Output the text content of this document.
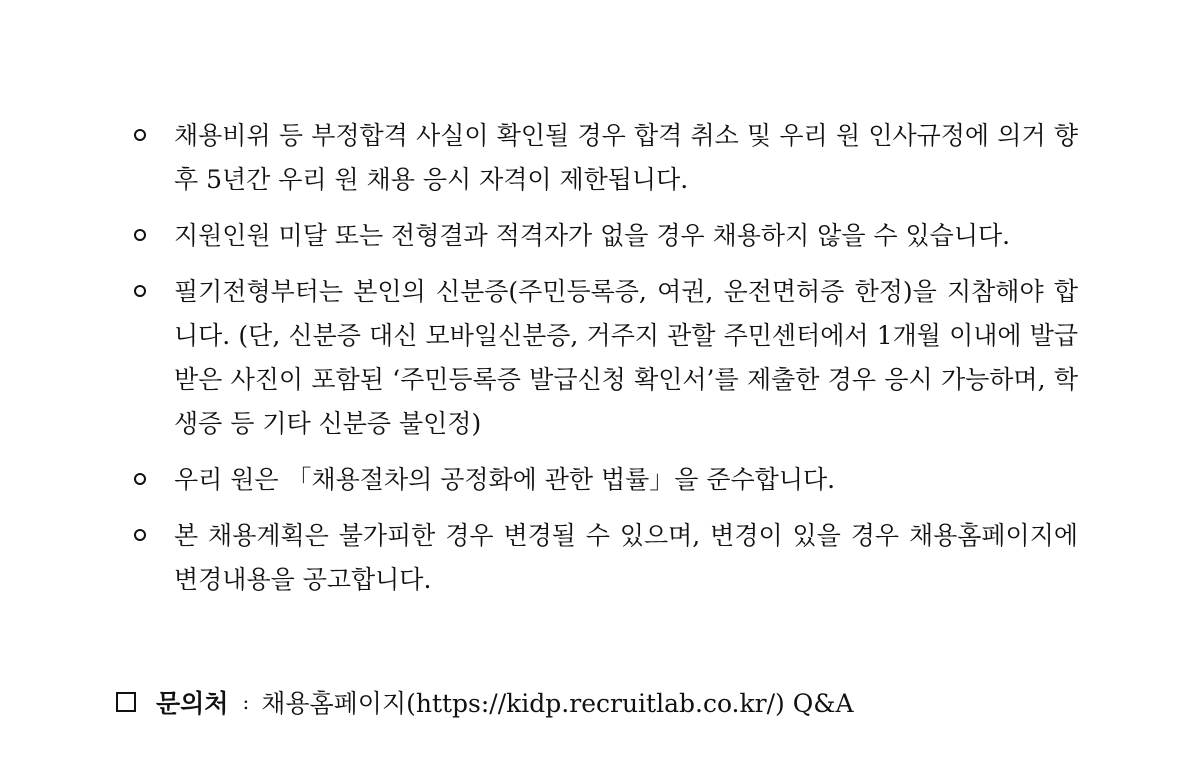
채용비위 등 부정합격 사실이 확인될 경우 합격 취소 및 우리 원 인사규정에 의거 향후 5년간 우리 원 채용 응시 자격이 제한됩니다.
지원인원 미달 또는 전형결과 적격자가 없을 경우 채용하지 않을 수 있습니다.
필기전형부터는 본인의 신분증(주민등록증, 여권, 운전면허증 한정)을 지참해야 합니다. (단, 신분증 대신 모바일신분증, 거주지 관할 주민센터에서 1개월 이내에 발급받은 사진이 포함된 ‘주민등록증 발급신청 확인서’를 제출한 경우 응시 가능하며, 학생증 등 기타 신분증 불인정)
우리 원은 「채용절차의 공정화에 관한 법률」을 준수합니다.
본 채용계획은 불가피한 경우 변경될 수 있으며, 변경이 있을 경우 채용홈페이지에 변경내용을 공고합니다.
문의처 : 채용홈페이지(https://kidp.recruitlab.co.kr/) Q&A
